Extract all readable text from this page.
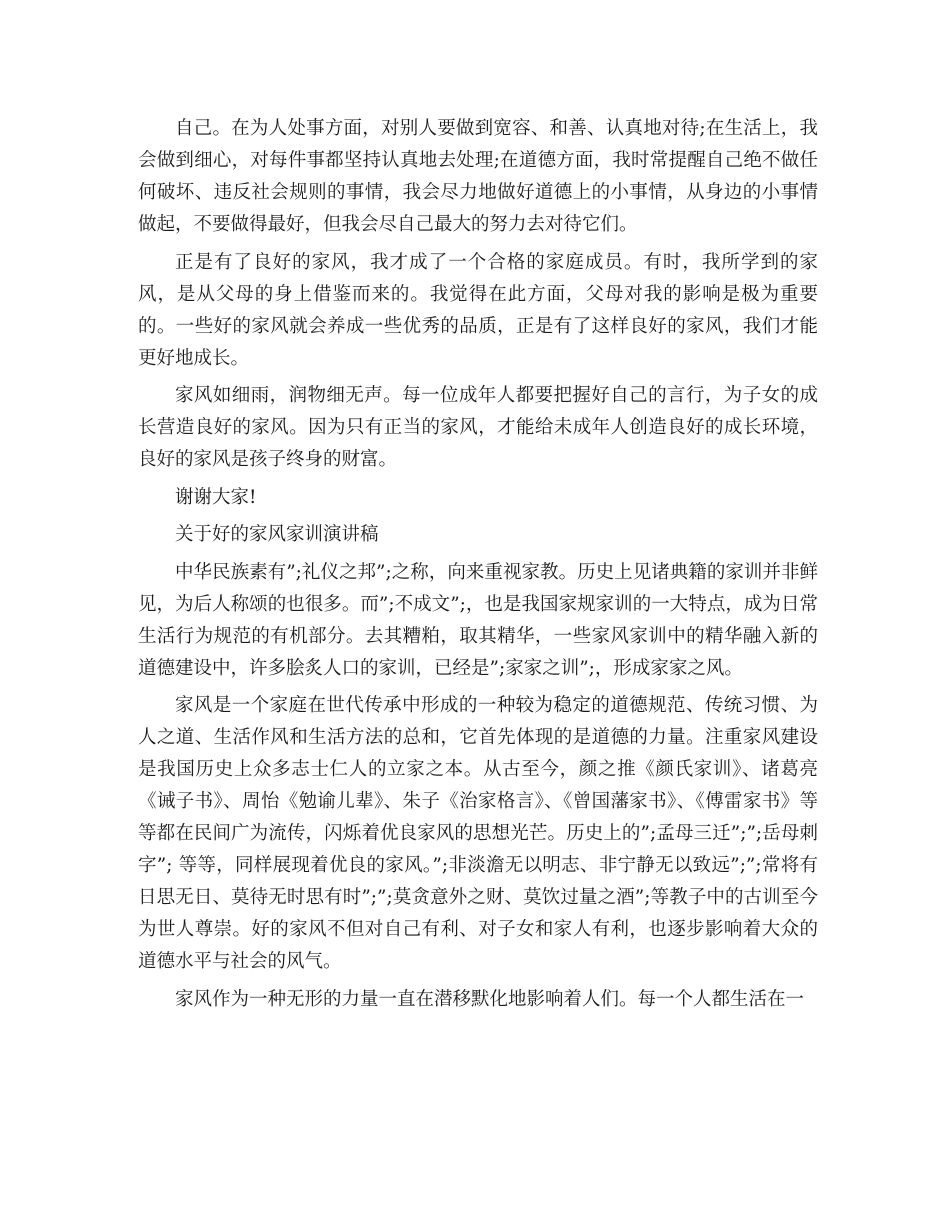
自己。在为人处事方面，对别人要做到宽容、和善、认真地对待;在生活上，我会做到细心，对每件事都坚持认真地去处理;在道德方面，我时常提醒自己绝不做任何破坏、违反社会规则的事情，我会尽力地做好道德上的小事情，从身边的小事情做起，不要做得最好，但我会尽自己最大的努力去对待它们。

正是有了良好的家风，我才成了一个合格的家庭成员。有时，我所学到的家风，是从父母的身上借鉴而来的。我觉得在此方面，父母对我的影响是极为重要的。一些好的家风就会养成一些优秀的品质，正是有了这样良好的家风，我们才能更好地成长。

家风如细雨，润物细无声。每一位成年人都要把握好自己的言行，为子女的成长营造良好的家风。因为只有正当的家风，才能给未成年人创造良好的成长环境，良好的家风是孩子终身的财富。

谢谢大家!

关于好的家风家训演讲稿

中华民族素有”;礼仪之邦”;之称，向来重视家教。历史上见诸典籍的家训并非鲜见，为后人称颂的也很多。而”;不成文”;，也是我国家规家训的一大特点，成为日常生活行为规范的有机部分。去其糟粕，取其精华，一些家风家训中的精华融入新的道德建设中，许多脍炙人口的家训，已经是”;家家之训”;，形成家家之风。

家风是一个家庭在世代传承中形成的一种较为稳定的道德规范、传统习惯、为人之道、生活作风和生活方法的总和，它首先体现的是道德的力量。注重家风建设是我国历史上众多志士仁人的立家之本。从古至今，颜之推《颜氏家训》、诸葛亮《诫子书》、周怡《勉谕儿辈》、朱子《治家格言》、《曾国藩家书》、《傅雷家书》等等都在民间广为流传，闪烁着优良家风的思想光芒。历史上的”;孟母三迁”;”;岳母刺字”; 等等，同样展现着优良的家风。”;非淡澹无以明志、非宁静无以致远”;”;常将有日思无日、莫待无时思有时”;”;莫贪意外之财、莫饮过量之酒”;等教子中的古训至今为世人尊崇。好的家风不但对自己有利、对子女和家人有利，也逐步影响着大众的道德水平与社会的风气。

家风作为一种无形的力量一直在潜移默化地影响着人们。每一个人都生活在一
